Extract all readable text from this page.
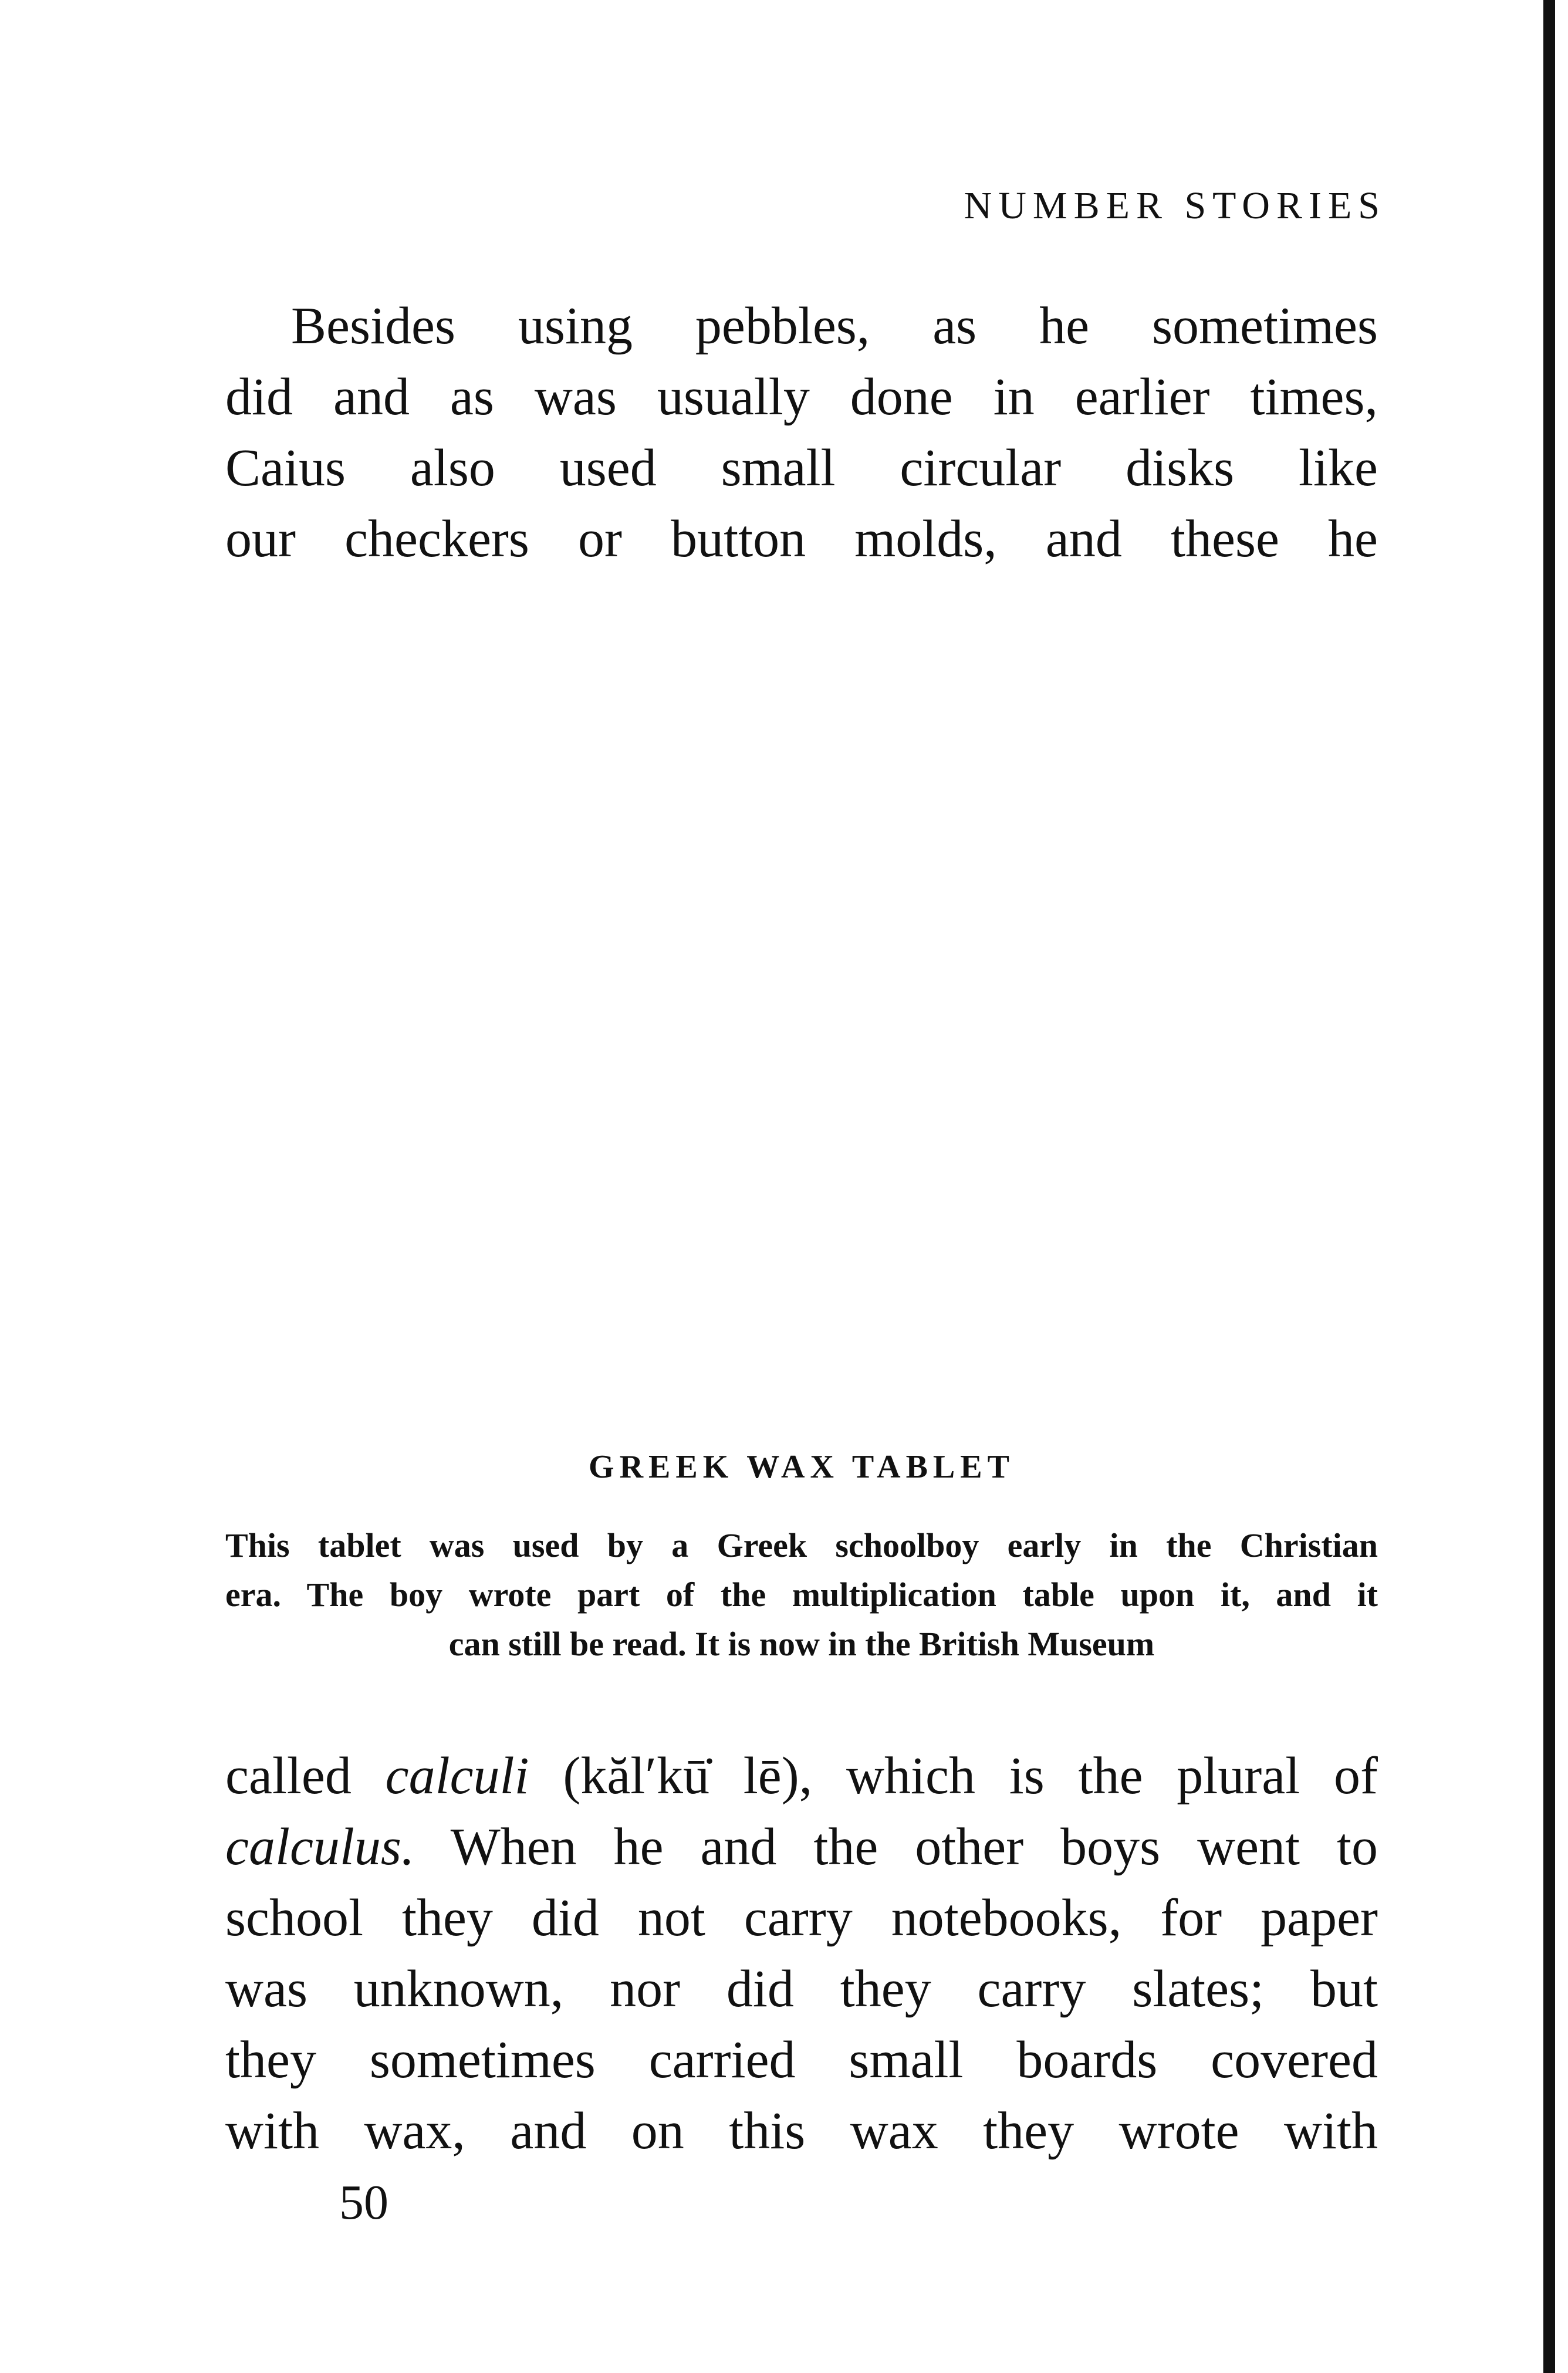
NUMBER STORIES
Besides using pebbles, as he sometimes
did and as was usually done in earlier times,
Caius also used small circular disks like
our checkers or button molds, and these he
GREEK WAX TABLET
This tablet was used by a Greek schoolboy early in the Christian
era. The boy wrote part of the multiplication table upon it, and it
can still be read. It is now in the British Museum
called calculi (kăl′kū̇ lē), which is the plural of
calculus. When he and the other boys went to
school they did not carry notebooks, for paper
was unknown, nor did they carry slates; but
they sometimes carried small boards covered
with wax, and on this wax they wrote with
50
